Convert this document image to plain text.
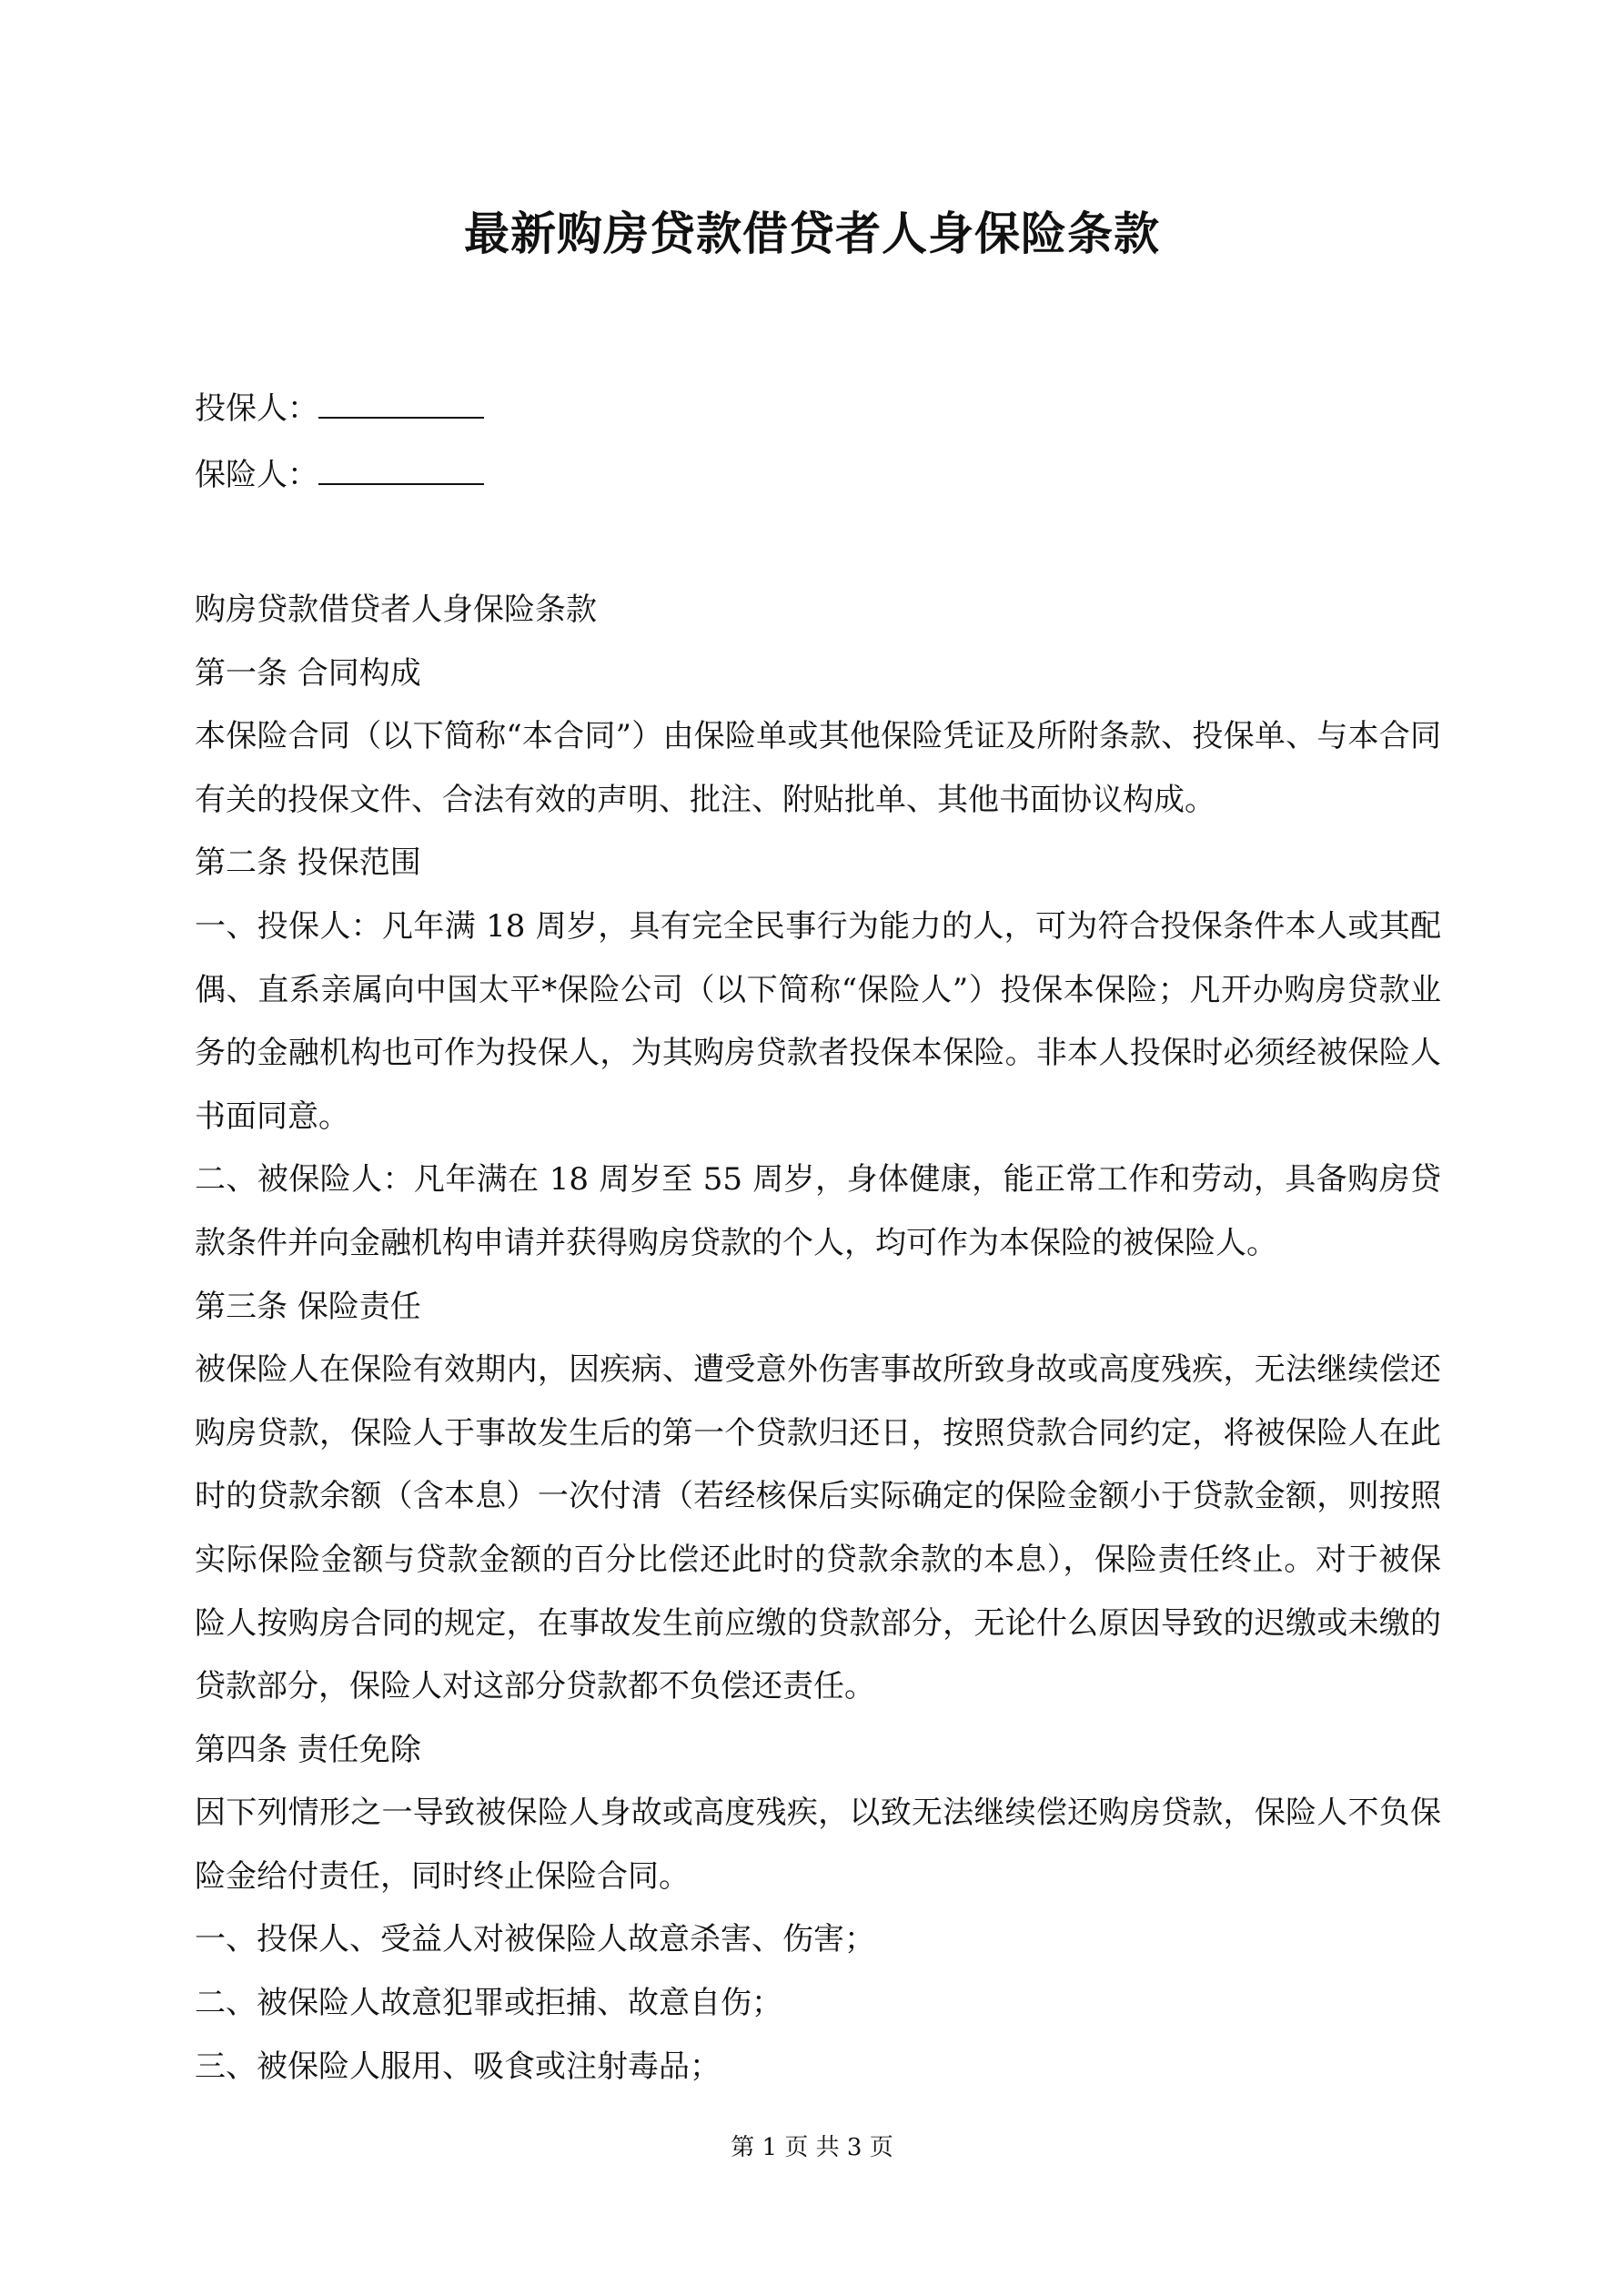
最新购房贷款借贷者人身保险条款
投保人：
保险人：

购房贷款借贷者人身保险条款

第一条 合同构成

本保险合同（以下简称“本合同”）由保险单或其他保险凭证及所附条款、投保单、与本合同有关的投保文件、合法有效的声明、批注、附贴批单、其他书面协议构成。

第二条 投保范围

一、投保人：凡年满 18 周岁，具有完全民事行为能力的人，可为符合投保条件本人或其配偶、直系亲属向中国太平*保险公司（以下简称“保险人”）投保本保险；凡开办购房贷款业务的金融机构也可作为投保人，为其购房贷款者投保本保险。非本人投保时必须经被保险人书面同意。

二、被保险人：凡年满在 18 周岁至 55 周岁，身体健康，能正常工作和劳动，具备购房贷款条件并向金融机构申请并获得购房贷款的个人，均可作为本保险的被保险人。

第三条 保险责任

被保险人在保险有效期内，因疾病、遭受意外伤害事故所致身故或高度残疾，无法继续偿还购房贷款，保险人于事故发生后的第一个贷款归还日，按照贷款合同约定，将被保险人在此时的贷款余额（含本息）一次付清（若经核保后实际确定的保险金额小于贷款金额，则按照实际保险金额与贷款金额的百分比偿还此时的贷款余款的本息），保险责任终止。对于被保险人按购房合同的规定，在事故发生前应缴的贷款部分，无论什么原因导致的迟缴或未缴的贷款部分，保险人对这部分贷款都不负偿还责任。

第四条 责任免除

因下列情形之一导致被保险人身故或高度残疾，以致无法继续偿还购房贷款，保险人不负保险金给付责任，同时终止保险合同。

一、投保人、受益人对被保险人故意杀害、伤害；

二、被保险人故意犯罪或拒捕、故意自伤；

三、被保险人服用、吸食或注射毒品；

第 1 页 共 3 页
